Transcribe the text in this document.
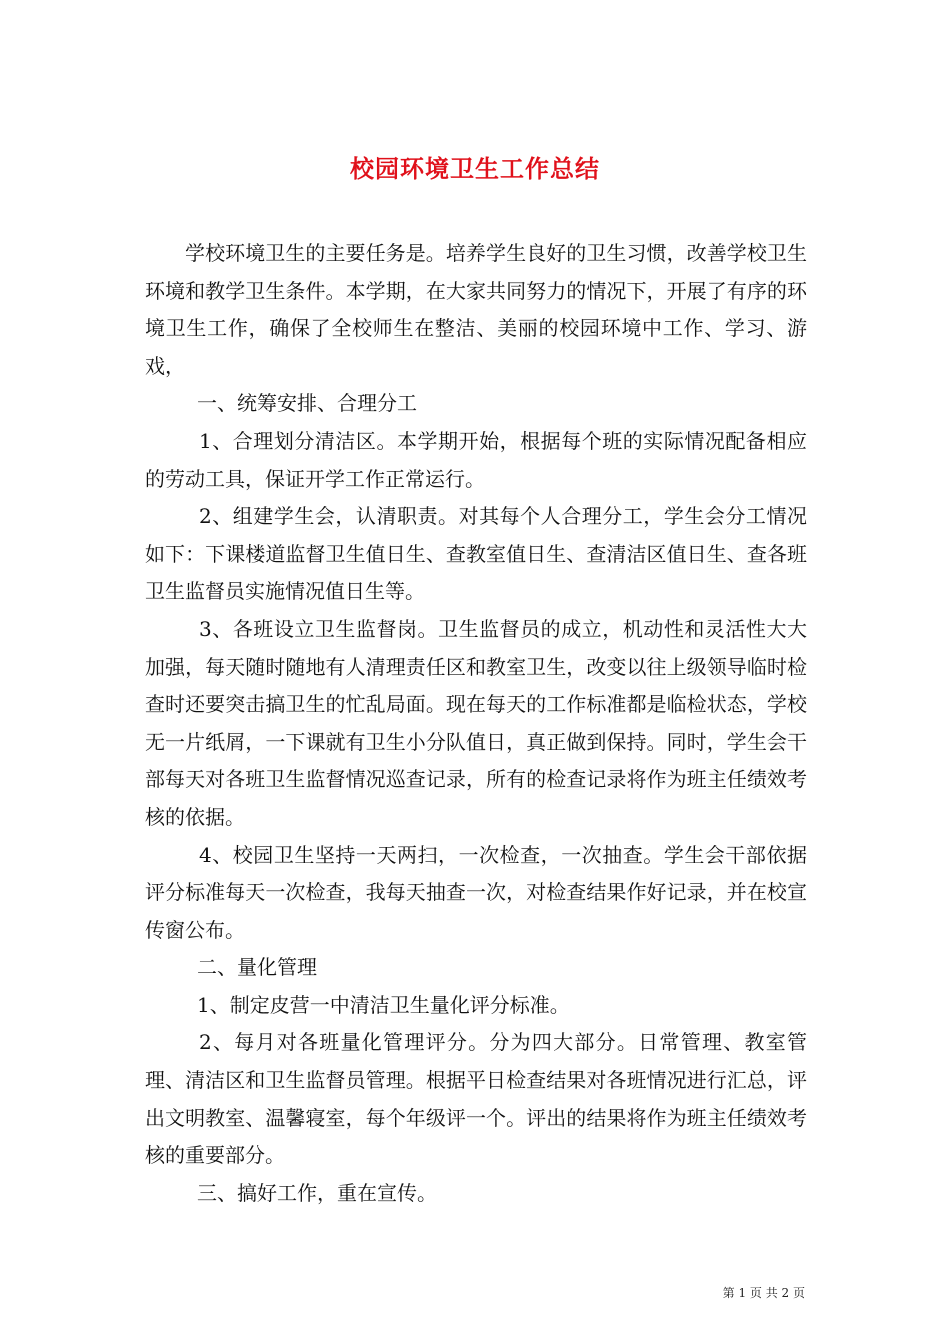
校园环境卫生工作总结

学校环境卫生的主要任务是。培养学生良好的卫生习惯，改善学校卫生环境和教学卫生条件。本学期，在大家共同努力的情况下，开展了有序的环境卫生工作，确保了全校师生在整洁、美丽的校园环境中工作、学习、游戏，

一、统筹安排、合理分工

1、合理划分清洁区。本学期开始，根据每个班的实际情况配备相应的劳动工具，保证开学工作正常运行。

2、组建学生会，认清职责。对其每个人合理分工，学生会分工情况如下：下课楼道监督卫生值日生、查教室值日生、查清洁区值日生、查各班卫生监督员实施情况值日生等。

3、各班设立卫生监督岗。卫生监督员的成立，机动性和灵活性大大加强，每天随时随地有人清理责任区和教室卫生，改变以往上级领导临时检查时还要突击搞卫生的忙乱局面。现在每天的工作标准都是临检状态，学校无一片纸屑，一下课就有卫生小分队值日，真正做到保持。同时，学生会干部每天对各班卫生监督情况巡查记录，所有的检查记录将作为班主任绩效考核的依据。

4、校园卫生坚持一天两扫，一次检查，一次抽查。学生会干部依据评分标准每天一次检查，我每天抽查一次，对检查结果作好记录，并在校宣传窗公布。

二、量化管理

1、制定皮营一中清洁卫生量化评分标准。

2、每月对各班量化管理评分。分为四大部分。日常管理、教室管理、清洁区和卫生监督员管理。根据平日检查结果对各班情况进行汇总，评出文明教室、温馨寝室，每个年级评一个。评出的结果将作为班主任绩效考核的重要部分。

三、搞好工作，重在宣传。

第 1 页 共 2 页
